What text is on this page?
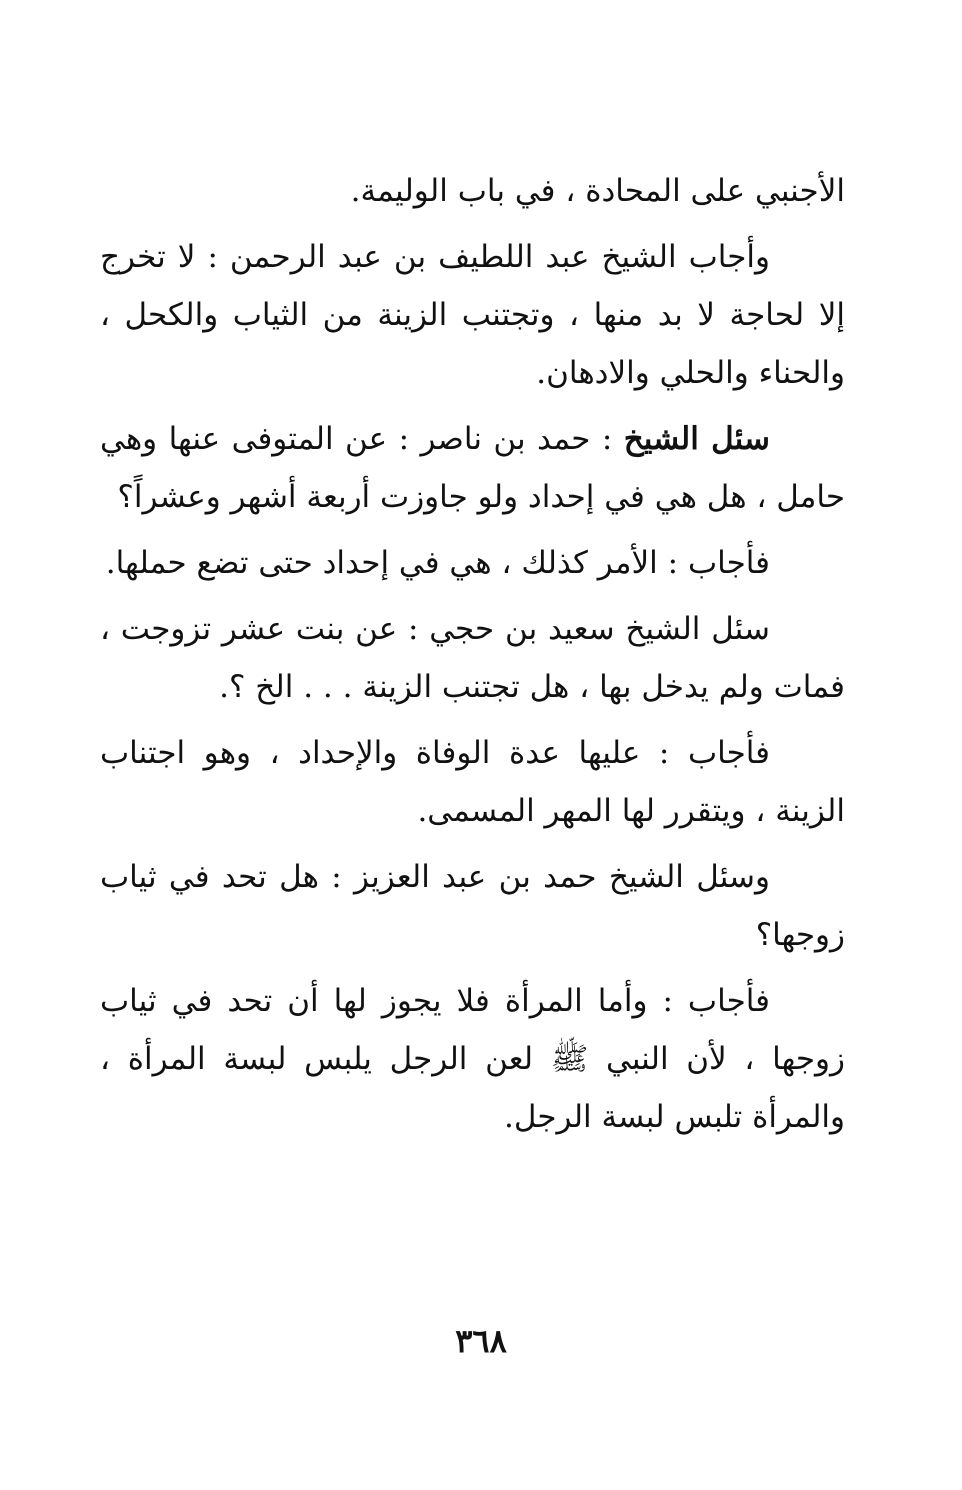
الأجنبي على المحادة ، في باب الوليمة.

وأجاب الشيخ عبد اللطيف بن عبد الرحمن : لا تخرج إلا لحاجة لا بد منها ، وتجتنب الزينة من الثياب والكحل ، والحناء والحلي والادهان.

سئل الشيخ : حمد بن ناصر : عن المتوفى عنها وهي حامل ، هل هي في إحداد ولو جاوزت أربعة أشهر وعشراً؟

فأجاب : الأمر كذلك ، هي في إحداد حتى تضع حملها.

سئل الشيخ سعيد بن حجي : عن بنت عشر تزوجت ، فمات ولم يدخل بها ، هل تجتنب الزينة . . . الخ ؟.

فأجاب : عليها عدة الوفاة والإحداد ، وهو اجتناب الزينة ، ويتقرر لها المهر المسمى.

وسئل الشيخ حمد بن عبد العزيز : هل تحد في ثياب زوجها؟

فأجاب : وأما المرأة فلا يجوز لها أن تحد في ثياب زوجها ، لأن النبي ﷺ لعن الرجل يلبس لبسة المرأة ، والمرأة تلبس لبسة الرجل.

٣٦٨
